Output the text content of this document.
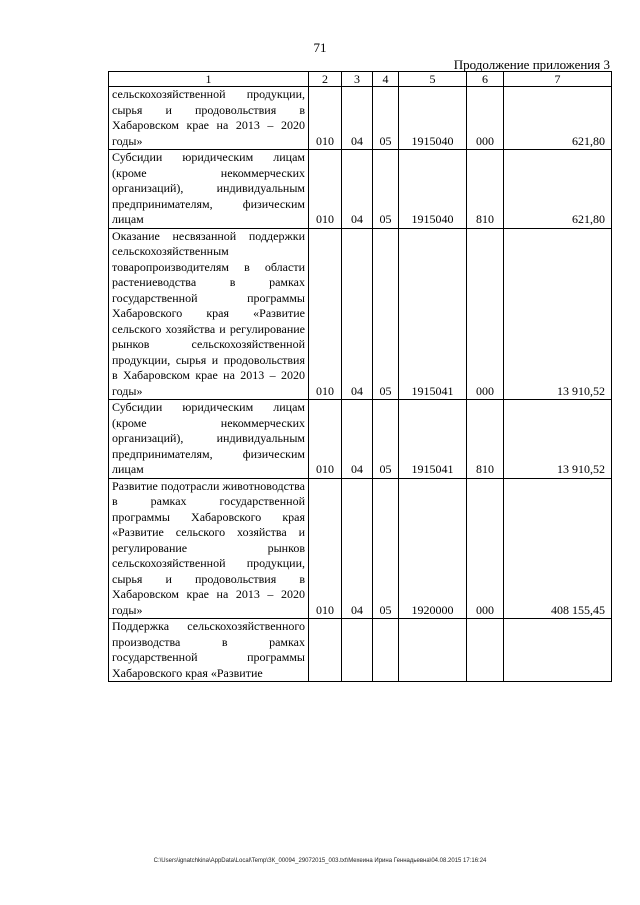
71
Продолжение приложения 3
1	2	3	4	5	6	7
сельскохозяйственной продукции, сырья и продовольствия в Хабаровском крае на 2013 – 2020 годы»	010	04	05	1915040	000	621,80
Субсидии юридическим лицам (кроме некоммерческих организаций), индивидуальным предпринимателям, физическим лицам	010	04	05	1915040	810	621,80
Оказание несвязанной поддержки сельскохозяйственным товаропроизводителям в области растениеводства в рамках государственной программы Хабаровского края «Развитие сельского хозяйства и регулирование рынков сельскохозяйственной продукции, сырья и продовольствия в Хабаровском крае на 2013 – 2020 годы»	010	04	05	1915041	000	13 910,52
Субсидии юридическим лицам (кроме некоммерческих организаций), индивидуальным предпринимателям, физическим лицам	010	04	05	1915041	810	13 910,52
Развитие подотрасли животноводства в рамках государственной программы Хабаровского края «Развитие сельского хозяйства и регулирование рынков сельскохозяйственной продукции, сырья и продовольствия в Хабаровском крае на 2013 – 2020 годы»	010	04	05	1920000	000	408 155,45
Поддержка сельскохозяйственного производства в рамках государственной программы Хабаровского края «Развитие						
C:\Users\ignatchkina\AppData\Local\Temp\ЗК_00094_29072015_003.txt\Мехеина Ирина Геннадьевна\04.08.2015 17:16:24
